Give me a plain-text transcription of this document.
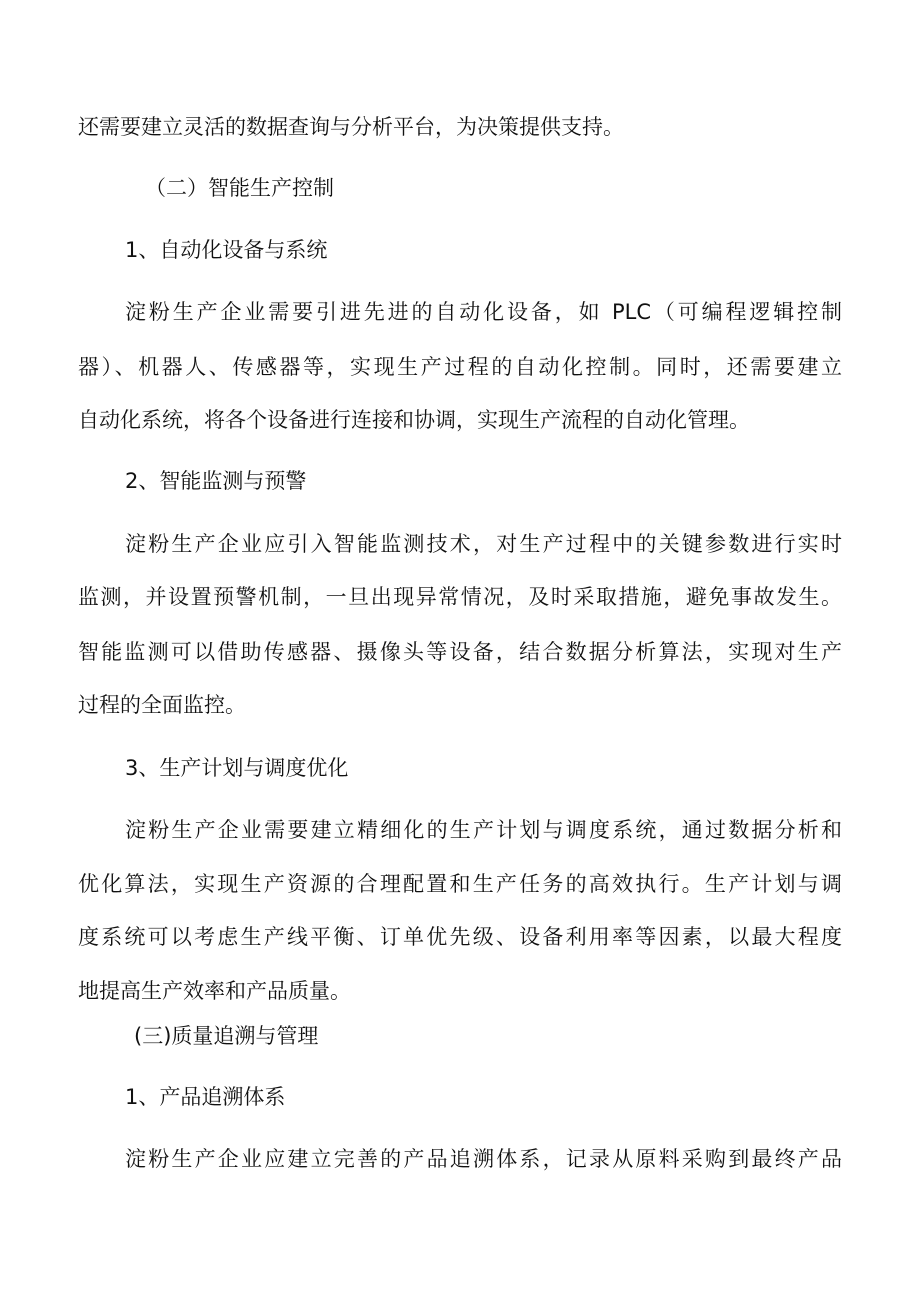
还需要建立灵活的数据查询与分析平台，为决策提供支持。
（二）智能生产控制
1、自动化设备与系统
淀粉生产企业需要引进先进的自动化设备，如 PLC（可编程逻辑控制
器）、机器人、传感器等，实现生产过程的自动化控制。同时，还需要建立
自动化系统，将各个设备进行连接和协调，实现生产流程的自动化管理。
2、智能监测与预警
淀粉生产企业应引入智能监测技术，对生产过程中的关键参数进行实时
监测，并设置预警机制，一旦出现异常情况，及时采取措施，避免事故发生。
智能监测可以借助传感器、摄像头等设备，结合数据分析算法，实现对生产
过程的全面监控。
3、生产计划与调度优化
淀粉生产企业需要建立精细化的生产计划与调度系统，通过数据分析和
优化算法，实现生产资源的合理配置和生产任务的高效执行。生产计划与调
度系统可以考虑生产线平衡、订单优先级、设备利用率等因素，以最大程度
地提高生产效率和产品质量。
(三)质量追溯与管理
1、产品追溯体系
淀粉生产企业应建立完善的产品追溯体系，记录从原料采购到最终产品
